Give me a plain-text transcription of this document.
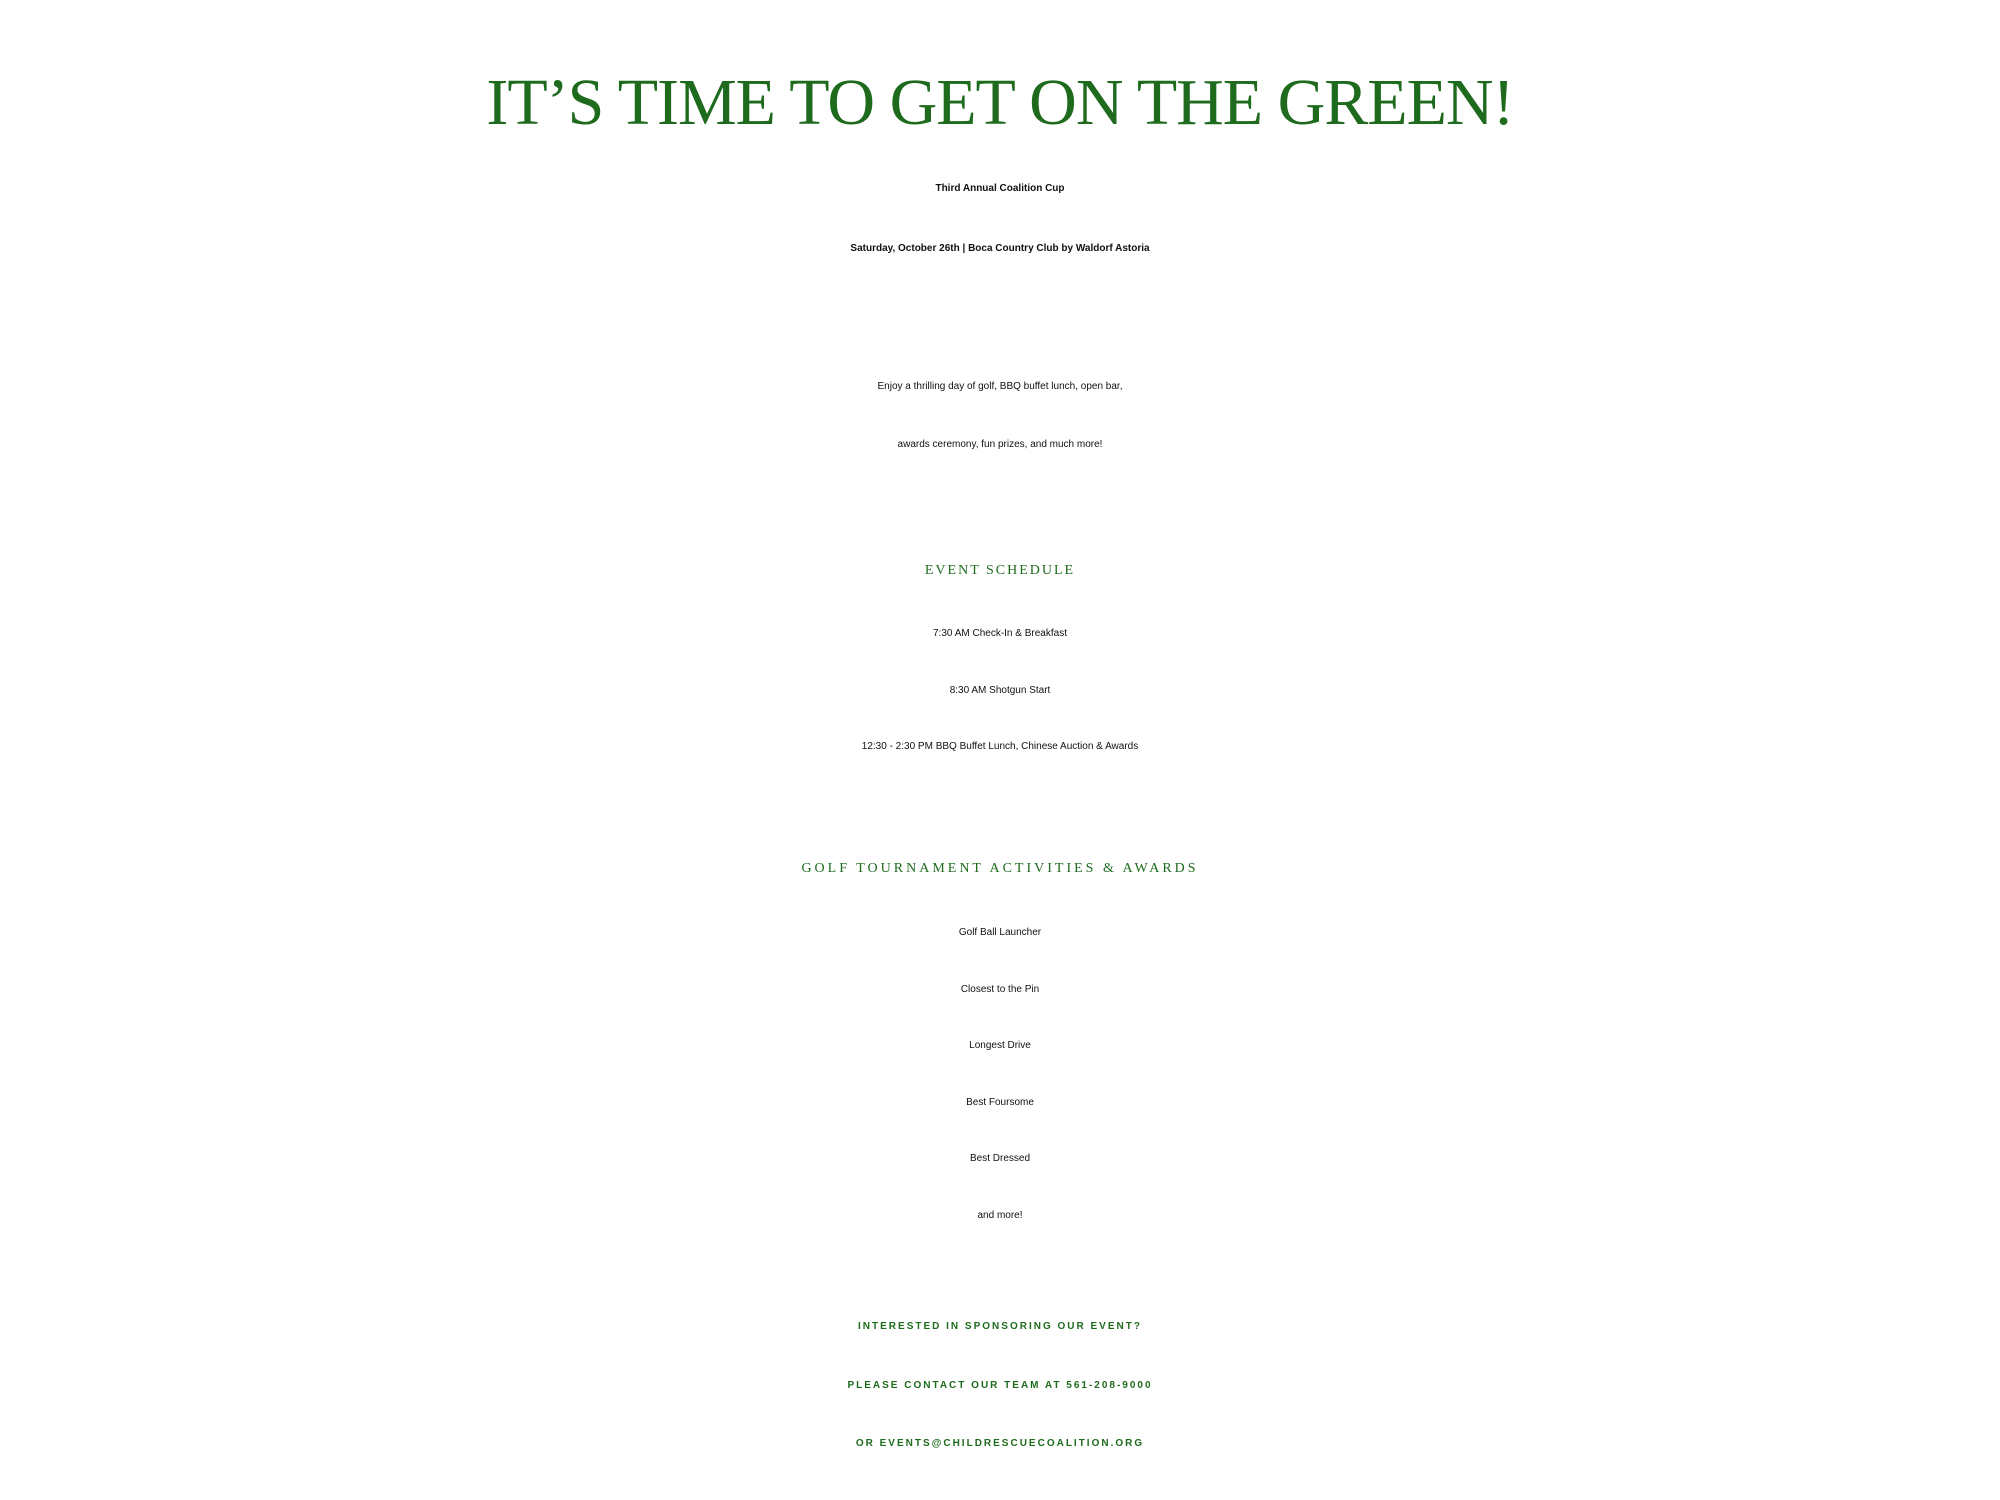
IT’S TIME TO GET ON THE GREEN!

Third Annual Coalition Cup

Saturday, October 26th | Boca Country Club by Waldorf Astoria

Enjoy a thrilling day of golf, BBQ buffet lunch, open bar,
awards ceremony, fun prizes, and much more!

EVENT SCHEDULE
7:30 AM Check-In & Breakfast
8:30 AM Shotgun Start
12:30 - 2:30 PM BBQ Buffet Lunch, Chinese Auction & Awards
GOLF TOURNAMENT ACTIVITIES & AWARDS
Golf Ball Launcher
Closest to the Pin
Longest Drive
Best Foursome
Best Dressed
and more!

INTERESTED IN SPONSORING OUR EVENT?
PLEASE CONTACT OUR TEAM AT 561-208-9000
OR EVENTS@CHILDRESCUECOALITION.ORG
